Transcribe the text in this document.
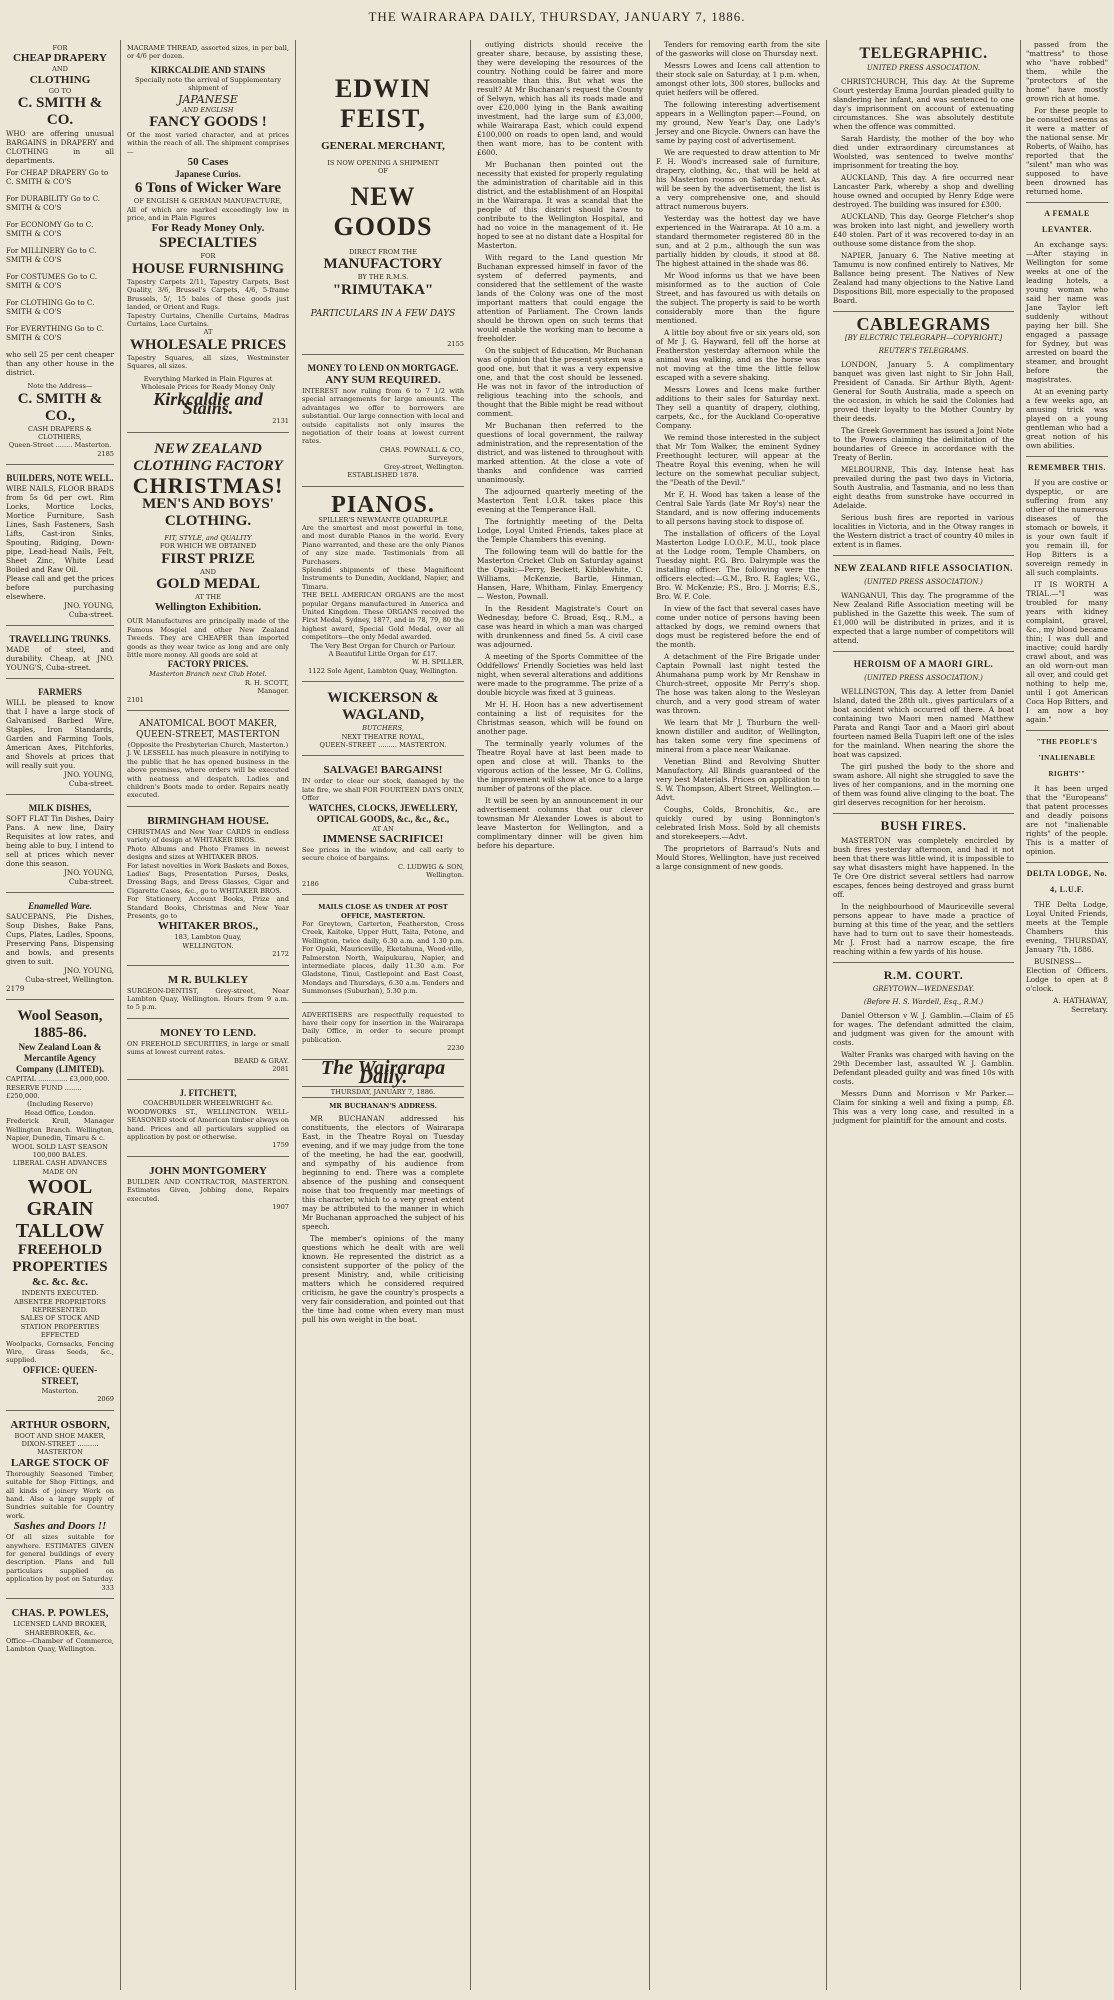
THE WAIRARAPA DAILY, THURSDAY, JANUARY 7, 1886.
FOR
CHEAP DRAPERY
AND
CLOTHING
GO TO
C. SMITH & CO.
WHO are offering unusual BARGAINS in DRAPERY and CLOTHING in all departments.
For CHEAP DRAPERY Go to C. SMITH & CO'S
For DURABILITY Go to C. SMITH & CO'S
For ECONOMY Go to C. SMITH & CO'S
For MILLINERY Go to C. SMITH & CO'S
For COSTUMES Go to C. SMITH & CO'S
For CLOTHING Go to C. SMITH & CO'S
For EVERYTHING Go to C. SMITH & CO'S
who sell 25 per cent cheaper than any other house in the district.
Note the Address—
C. SMITH & CO.,
CASH DRAPERS & CLOTHIERS,
Queen-Street ........ Masterton.
2185
BUILDERS, NOTE WELL.
WIRE NAILS, FLOOR BRADS from 5s 6d per cwt. Rim Locks, Mortice Locks, Mortice Furniture, Sash Lines, Sash Fasteners, Sash Lifts, Cast-iron Sinks, Spouting, Ridging, Down-pipe, Lead-head Nails, Felt, Sheet Zinc, White Lead Boiled and Raw Oil.
Please call and get the prices before purchasing elsewhere.
JNO. YOUNG,
Cuba-street.
TRAVELLING TRUNKS.
MADE of steel, and durability. Cheap, at JNO. YOUNG'S, Cuba-street.
FARMERS
WILL be pleased to know that I have a large stock of Galvanised Barbed Wire, Staples, Iron Standards, Garden and Farming Tools, American Axes, Pitchforks, and Shovels at prices that will really suit you.
JNO. YOUNG,
Cuba-street.
MILK DISHES,
SOFT FLAT Tin Dishes, Dairy Pans. A new line, Dairy Requisites at low rates, and being able to buy, I intend to sell at prices which never done this season.
JNO. YOUNG,
Cuba-street.
Enamelled Ware.
SAUCEPANS, Pie Dishes, Soup Dishes, Bake Pans, Cups, Plates, Ladles, Spoons, Preserving Pans, Dispensing and bowls, and presents given to suit.
JNO. YOUNG,
Cuba-street, Wellington.
2179
Wool Season, 1885-86.
New Zealand Loan & Mercantile Agency Company (LIMITED).
CAPITAL .............. £3,000,000.
RESERVE FUND ........ £250,000.
(Including Reserve)
Head Office, London.
Frederick Krull, Manager Wellington Branch. Wellington, Napier, Dunedin, Timaru & c.
WOOL SOLD LAST SEASON 100,000 BALES.
LIBERAL CASH ADVANCES MADE ON
WOOL
GRAIN
TALLOW
FREEHOLD
PROPERTIES
&c. &c. &c.
INDENTS EXECUTED.
ABSENTEE PROPRIETORS REPRESENTED.
SALES OF STOCK AND STATION PROPERTIES EFFECTED
Woolpacks, Cornsacks, Fencing Wire, Grass Seeds, &c., supplied.
OFFICE: QUEEN-STREET,
Masterton.
2069
ARTHUR OSBORN,
BOOT AND SHOE MAKER, DIXON-STREET .......... MASTERTON
LARGE STOCK OF
Thoroughly Seasoned Timber, suitable for Shop Fittings, and all kinds of joinery Work on hand. Also a large supply of Sundries suitable for Country work.
Sashes and Doors !!
Of all sizes suitable for anywhere. ESTIMATES GIVEN for general buildings of every description. Plans and full particulars supplied on application by post on Saturday.
333
CHAS. P. POWLES,
LICENSED LAND BROKER, SHAREBROKER, &c.
Office—Chamber of Commerce, Lambton Quay, Wellington.
MACRAME THREAD, assorted sizes, in per ball, or 4/6 per dozen.
KIRKCALDIE AND STAINS
Specially note the arrival of Supplementary shipment of
JAPANESE
AND ENGLISH
FANCY GOODS !
Of the most varied character, and at prices within the reach of all. The shipment comprises—
50 Cases
Japanese Curios.
6 Tons of Wicker Ware
OF ENGLISH & GERMAN MANUFACTURE,
All of which are marked exceedingly low in price, and in Plain Figures
For Ready Money Only.
SPECIALTIES
FOR
HOUSE FURNISHING
Tapestry Carpets 2/11, Tapestry Carpets, Best Quality, 3/6, Brussel's Carpets, 4/6, 5-frame Brussels, 5/, 15 bales of these goods just landed, or Orient and Rugs.
Tapestry Curtains, Chenille Curtains, Madras Curtains, Lace Curtains.
AT
WHOLESALE PRICES
Tapestry Squares, all sizes, Westminster Squares, all sizes.
Everything Marked in Plain Figures at Wholesale Prices for Ready Money Only
Kirkcaldie and Stains.
2131
NEW ZEALAND CLOTHING FACTORY
CHRISTMAS!
MEN'S AND BOYS' CLOTHING.
FIT, STYLE, and QUALITY
FOR WHICH WE OBTAINED
FIRST PRIZE
AND
GOLD MEDAL
AT THE
Wellington Exhibition.
OUR Manufactures are principally made of the Famous Mosgiel and other New Zealand Tweeds. They are CHEAPER than imported goods as they wear twice as long and are only little more money. All goods are sold at
FACTORY PRICES.
Masterton Branch next Club Hotel.
R. H. SCOTT,
Manager.
2101
ANATOMICAL BOOT MAKER, QUEEN-STREET, MASTERTON
(Opposite the Presbyterian Church, Masterton.)
J. W. LESSELL has much pleasure in notifying to the public that he has opened business in the above premises, where orders will be executed with neatness and despatch. Ladies and children's Boots made to order. Repairs neatly executed.
BIRMINGHAM HOUSE.
CHRISTMAS and New Year CARDS in endless variety of design at WHITAKER BROS.
Photo Albums and Photo Frames in newest designs and sizes at WHITAKER BROS.
For latest novelties in Work Baskets and Boxes, Ladies' Bags, Presentation Purses, Desks, Dressing Bags, and Dress Glasses, Cigar and Cigarette Cases, &c., go to WHITAKER BROS.
For Stationery, Account Books, Prize and Standard Books, Christmas and New Year Presents, go to
WHITAKER BROS.,
183, Lambton Quay,
WELLINGTON.
2172
M R. BULKLEY
SURGEON-DENTIST, Grey-street, Near Lambton Quay, Wellington. Hours from 9 a.m. to 5 p.m.
MONEY TO LEND.
ON FREEHOLD SECURITIES, in large or small sums at lowest current rates.
BEARD & GRAY.
2081
J. FITCHETT,
COACHBUILDER WHEELWRIGHT &c.
WOODWORKS ST., WELLINGTON. WELL-SEASONED stock of American timber always on hand. Prices and all particulars supplied on application by post or otherwise.
1759
JOHN MONTGOMERY
BUILDER AND CONTRACTOR, MASTERTON. Estimates Given, Jobbing done, Repairs executed.
1907
EDWIN FEIST,
GENERAL MERCHANT,
IS NOW OPENING A SHIPMENT
OF
NEW GOODS
DIRECT FROM THE
MANUFACTORY
BY THE R.M.S.
"RIMUTAKA"
PARTICULARS IN A FEW DAYS
2155
MONEY TO LEND ON MORTGAGE.
ANY SUM REQUIRED.
INTEREST now ruling from 6 to 7 1/2 with special arrangements for large amounts. The advantages we offer to borrowers are substantial. Our large connection with local and outside capitalists not only insures the negotiation of their loans at lowest current rates.
CHAS. POWNALL & CO.,
Surveyors,
Grey-street, Wellington.
ESTABLISHED 1878.
PIANOS.
SPILLER'S NEWMANTE QUADRUPLE
Are the smartest and most powerful in tone, and most durable Pianos in the world. Every Piano warranted, and these are the only Pianos of any size made. Testimonials from all Purchasers.
Splendid shipments of these Magnificent Instruments to Dunedin, Auckland, Napier, and Timaru.
THE BELL AMERICAN ORGANS are the most popular Organs manufactured in America and United Kingdom. These ORGANS received the First Medal, Sydney, 1877, and in 78, 79, 80 the highest award, Special Gold Medal, over all competitors—the only Medal awarded.
The Very Best Organ for Church or Parlour.
A Beautiful Little Organ for £17.
W. H. SPILLER,
1122 Sole Agent, Lambton Quay, Wellington.
WICKERSON & WAGLAND,
BUTCHERS,
NEXT THEATRE ROYAL,
QUEEN-STREET ......... MASTERTON.
SALVAGE! BARGAINS!
IN order to clear our stock, damaged by the late fire, we shall FOR FOURTEEN DAYS ONLY, Offer
WATCHES, CLOCKS, JEWELLERY, OPTICAL GOODS, &c., &c., &c.,
AT AN
IMMENSE SACRIFICE!
See prices in the window, and call early to secure choice of bargains.
C. LUDWIG & SON,
Wellington.
2186
MAILS CLOSE AS UNDER AT POST OFFICE, MASTERTON.
For Greytown, Carterton, Featherston, Cross Creek, Kaitoke, Upper Hutt, Taita, Petone, and Wellington, twice daily, 6.30 a.m. and 1.30 p.m. For Opaki, Mauriceville, Eketahuna, Wood-ville, Palmerston North, Waipukurau, Napier, and intermediate places, daily 11.30 a.m. For Gladstone, Tinui, Castlepoint and East Coast, Mondays and Thursdays, 6.30 a.m. Tenders and Summonses (Suburban), 5.30 p.m.
ADVERTISERS are respectfully requested to have their copy for insertion in the Wairarapa Daily Office, in order to secure prompt publication.
2230
The Wairarapa Daily.
THURSDAY, JANUARY 7, 1886.
MR BUCHANAN'S ADDRESS.

MR BUCHANAN addressed his constituents, the electors of Wairarapa East, in the Theatre Royal on Tuesday evening, and if we may judge from the tone of the meeting, he had the ear, goodwill, and sympathy of his audience from beginning to end. There was a complete absence of the pushing and consequent noise that too frequently mar meetings of this character, which to a very great extent may be attributed to the manner in which Mr Buchanan approached the subject of his speech.

The member's opinions of the many questions which he dealt with are well known. He represented the district as a consistent supporter of the policy of the present Ministry, and, while criticising matters which he considered required criticism, he gave the country's prospects a very fair consideration, and pointed out that the time had come when every man must pull his own weight in the boat.

outlying districts should receive the greater share, because, by assisting these, they were developing the resources of the country. Nothing could be fairer and more reasonable than this. But what was the result? At Mr Buchanan's request the County of Selwyn, which has all its roads made and over £20,000 lying in the Bank awaiting investment, had the large sum of £3,000, while Wairarapa East, which could expend £100,000 on roads to open land, and would then want more, has to be content with £600.

Mr Buchanan then pointed out the necessity that existed for properly regulating the administration of charitable aid in this district, and the establishment of an Hospital in the Wairarapa. It was a scandal that the people of this district should have to contribute to the Wellington Hospital, and had no voice in the management of it. He hoped to see at no distant date a Hospital for Masterton.

With regard to the Land question Mr Buchanan expressed himself in favor of the system of deferred payments, and considered that the settlement of the waste lands of the Colony was one of the most important matters that could engage the attention of Parliament. The Crown lands should be thrown open on such terms that would enable the working man to become a freeholder.

On the subject of Education, Mr Buchanan was of opinion that the present system was a good one, but that it was a very expensive one, and that the cost should be lessened. He was not in favor of the introduction of religious teaching into the schools, and thought that the Bible might be read without comment.

Mr Buchanan then referred to the questions of local government, the railway administration, and the representation of the district, and was listened to throughout with marked attention. At the close a vote of thanks and confidence was carried unanimously.

The adjourned quarterly meeting of the Masterton Tent I.O.R. takes place this evening at the Temperance Hall.

The fortnightly meeting of the Delta Lodge, Loyal United Friends, takes place at the Temple Chambers this evening.

The following team will do battle for the Masterton Cricket Club on Saturday against the Opaki:—Perry, Beckett, Kibblewhite, C. Williams, McKenzie, Bartle, Hinman, Hansen, Hare, Whitham, Finlay. Emergency — Weston, Pownall.

In the Resident Magistrate's Court on Wednesday, before C. Broad, Esq., R.M., a case was heard in which a man was charged with drunkenness and fined 5s. A civil case was adjourned.

A meeting of the Sports Committee of the Oddfellows' Friendly Societies was held last night, when several alterations and additions were made to the programme. The prize of a double bicycle was fixed at 3 guineas.

Mr H. H. Hoon has a new advertisement containing a list of requisites for the Christmas season, which will be found on another page.

The terminally yearly volumes of the Theatre Royal have at last been made to open and close at will. Thanks to the vigorous action of the lessee, Mr G. Collins, the improvement will show at once to a large number of patrons of the place.

It will be seen by an announcement in our advertisement columns that our clever townsman Mr Alexander Lowes is about to leave Masterton for Wellington, and a complimentary dinner will be given him before his departure.

Tenders for removing earth from the site of the gasworks will close on Thursday next.

Messrs Lowes and Icens call attention to their stock sale on Saturday, at 1 p.m. when, amongst other lots, 300 stores, bullocks and quiet heifers will be offered.

The following interesting advertisement appears in a Wellington paper:—Found, on my ground, New Year's Day, one Lady's Jersey and one Bicycle. Owners can have the same by paying cost of advertisement.

We are requested to draw attention to Mr F. H. Wood's increased sale of furniture, drapery, clothing, &c., that will be held at his Masterton rooms on Saturday next. As will be seen by the advertisement, the list is a very comprehensive one, and should attract numerous buyers.

Yesterday was the hottest day we have experienced in the Wairarapa. At 10 a.m. a standard thermometer registered 80 in the sun, and at 2 p.m., although the sun was partially hidden by clouds, it stood at 88. The highest attained in the shade was 86.

Mr Wood informs us that we have been misinformed as to the auction of Cole Street, and has favoured us with details on the subject. The property is said to be worth considerably more than the figure mentioned.

A little boy about five or six years old, son of Mr J. G. Hayward, fell off the horse at Featherston yesterday afternoon while the animal was walking, and as the horse was not moving at the time the little fellow escaped with a severe shaking.

Messrs Lowes and Icens make further additions to their sales for Saturday next. They sell a quantity of drapery, clothing, carpets, &c., for the Auckland Co-operative Company.

We remind those interested in the subject that Mr Tom Walker, the eminent Sydney Freethought lecturer, will appear at the Theatre Royal this evening, when he will lecture on the somewhat peculiar subject, the "Death of the Devil."

Mr F. H. Wood has taken a lease of the Central Sale Yards (late Mr Roy's) near the Standard, and is now offering inducements to all persons having stock to dispose of.

The installation of officers of the Loyal Masterton Lodge I.O.O.F., M.U., took place at the Lodge room, Temple Chambers, on Tuesday night. P.G. Bro. Dalrymple was the installing officer. The following were the officers elected:—G.M., Bro. R. Eagles; V.G., Bro. W. McKenzie; P.S., Bro. J. Morris; E.S., Bro. W. F. Cole.

In view of the fact that several cases have come under notice of persons having been attacked by dogs, we remind owners that dogs must be registered before the end of the month.

A detachment of the Fire Brigade under Captain Pownall last night tested the Ahumahana pump work by Mr Renshaw in Church-street, opposite Mr Perry's shop. The hose was taken along to the Wesleyan church, and a very good stream of water was thrown.

We learn that Mr J. Thurburn the well-known distiller and auditor, of Wellington, has taken some very fine specimens of mineral from a place near Waikanae.

Venetian Blind and Revolving Shutter Manufactory. All Blinds guaranteed of the very best Materials. Prices on application to S. W. Thompson, Albert Street, Wellington.—Advt.

Coughs, Colds, Bronchitis, &c., are quickly cured by using Bonnington's celebrated Irish Moss. Sold by all chemists and storekeepers.—Advt.

The proprietors of Barraud's Nuts and Mould Stores, Wellington, have just received a large consignment of new goods.

TELEGRAPHIC.
UNITED PRESS ASSOCIATION.

CHRISTCHURCH, This day. At the Supreme Court yesterday Emma Jourdan pleaded guilty to slandering her infant, and was sentenced to one day's imprisonment on account of extenuating circumstances. She was absolutely destitute when the offence was committed.

Sarah Hardisty, the mother of the boy who died under extraordinary circumstances at Woolsted, was sentenced to twelve months' imprisonment for treating the boy.

AUCKLAND, This day. A fire occurred near Lancaster Park, whereby a shop and dwelling house owned and occupied by Henry Edge were destroyed. The building was insured for £300.

AUCKLAND, This day. George Fletcher's shop was broken into last night, and jewellery worth £40 stolen. Part of it was recovered to-day in an outhouse some distance from the shop.

NAPIER, January 6. The Native meeting at Tamumu is now confined entirely to Natives, Mr Ballance being present. The Natives of New Zealand had many objections to the Native Land Dispositions Bill, more especially to the proposed Board.

CABLEGRAMS
[BY ELECTRIC TELEGRAPH—COPYRIGHT.]
REUTER'S TELEGRAMS.

LONDON, January 5. A complimentary banquet was given last night to Sir John Hall, President of Canada. Sir Arthur Blyth, Agent-General for South Australia, made a speech on the occasion, in which he said the Colonies had proved their loyalty to the Mother Country by their deeds.

The Greek Government has issued a Joint Note to the Powers claiming the delimitation of the boundaries of Greece in accordance with the Treaty of Berlin.

MELBOURNE, This day. Intense heat has prevailed during the past two days in Victoria, South Australia, and Tasmania, and no less than eight deaths from sunstroke have occurred in Adelaide.

Serious bush fires are reported in various localities in Victoria, and in the Otway ranges in the Western district a tract of country 40 miles in extent is in flames.

NEW ZEALAND RIFLE ASSOCIATION.
(UNITED PRESS ASSOCIATION.)

WANGANUI, This day. The programme of the New Zealand Rifle Association meeting will be published in the Gazette this week. The sum of £1,000 will be distributed in prizes, and it is expected that a large number of competitors will attend.

HEROISM OF A MAORI GIRL.
(UNITED PRESS ASSOCIATION.)

WELLINGTON, This day. A letter from Daniel Island, dated the 28th ult., gives particulars of a boat accident which occurred off there. A boat containing two Maori men named Matthew Parata and Rangi Taor and a Maori girl about fourteen named Bella Tuapiri left one of the isles for the mainland. When nearing the shore the boat was capsized.

The girl pushed the body to the shore and swam ashore. All night she struggled to save the lives of her companions, and in the morning one of them was found alive clinging to the boat. The girl deserves recognition for her heroism.

BUSH FIRES.

MASTERTON was completely encircled by bush fires yesterday afternoon, and had it not been that there was little wind, it is impossible to say what disasters might have happened. In the Te Ore Ore district several settlers had narrow escapes, fences being destroyed and grass burnt off.

In the neighbourhood of Mauriceville several persons appear to have made a practice of burning at this time of the year, and the settlers have had to turn out to save their homesteads. Mr J. Frost had a narrow escape, the fire reaching within a few yards of his house.

R.M. COURT.
GREYTOWN—WEDNESDAY.
(Before H. S. Wardell, Esq., R.M.)

Daniel Otterson v W. J. Gamblin.—Claim of £5 for wages. The defendant admitted the claim, and judgment was given for the amount with costs.

Walter Franks was charged with having on the 29th December last, assaulted W. J. Gamblin. Defendant pleaded guilty and was fined 10s with costs.

Messrs Dunn and Morrison v Mr Parker.—Claim for sinking a well and fixing a pump, £8. This was a very long case, and resulted in a judgment for plaintiff for the amount and costs.

passed from the "mattress" to those who "have robbed" them, while the "protectors of the home" have mostly grown rich at home.

For these people to be consulted seems as it were a matter of the national sense. Mr Roberts, of Waiho, has reported that the "silent" man who was supposed to have been drowned has returned home.

A FEMALE LEVANTER.

An exchange says:—After staying in Wellington for some weeks at one of the leading hotels, a young woman who said her name was Jane Taylor left suddenly without paying her bill. She engaged a passage for Sydney, but was arrested on board the steamer, and brought before the magistrates.

At an evening party a few weeks ago, an amusing trick was played on a young gentleman who had a great notion of his own abilities.

REMEMBER THIS.

If you are costive or dyspeptic, or are suffering from any other of the numerous diseases of the stomach or bowels, it is your own fault if you remain ill, for Hop Bitters is a sovereign remedy in all such complaints.

IT IS WORTH A TRIAL.—"I was troubled for many years with kidney complaint, gravel, &c., my blood became thin; I was dull and inactive; could hardly crawl about, and was an old worn-out man all over, and could get nothing to help me, until I got American Coca Hop Bitters, and I am now a boy again."

"THE PEOPLE'S 'INALIENABLE RIGHTS'"

It has been urged that the "Europeans" that patent processes and deadly poisons are not "inalienable rights" of the people. This is a matter of opinion.

DELTA LODGE, No. 4, L.U.F.

THE Delta Lodge, Loyal United Friends, meets at the Temple Chambers this evening, THURSDAY, January 7th, 1886.

BUSINESS—Election of Officers. Lodge to open at 8 o'clock.

A. HATHAWAY,
Secretary.
